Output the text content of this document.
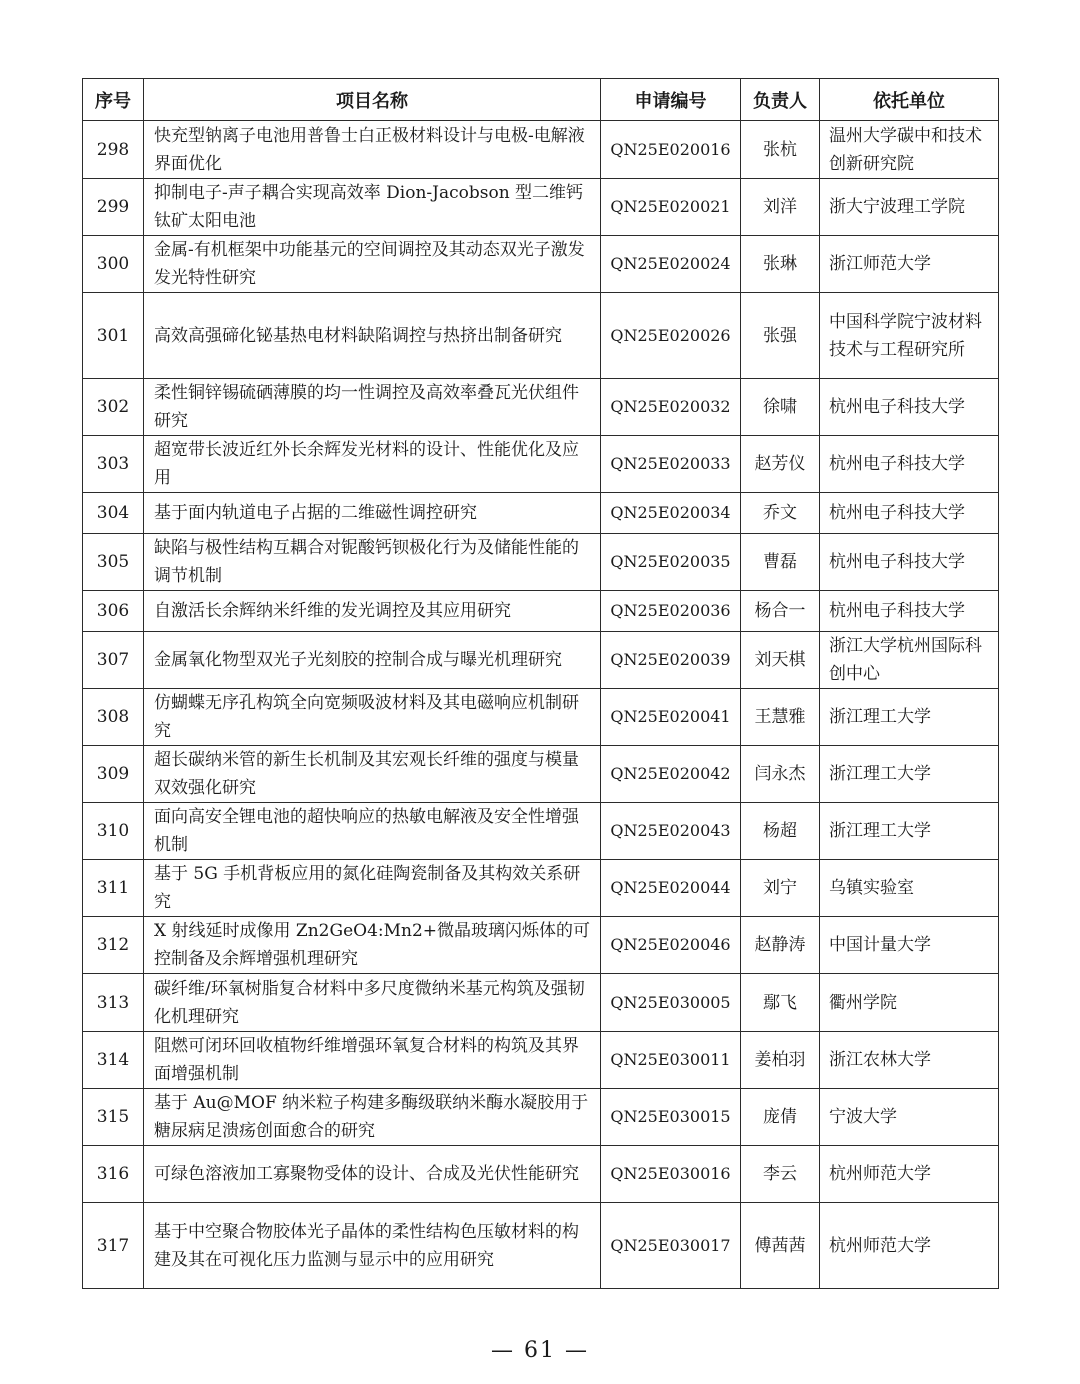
序号	项目名称	申请编号	负责人	依托单位
298	快充型钠离子电池用普鲁士白正极材料设计与电极-电解液界面优化	QN25E020016	张杭	温州大学碳中和技术创新研究院
299	抑制电子-声子耦合实现高效率 Dion-Jacobson 型二维钙钛矿太阳电池	QN25E020021	刘洋	浙大宁波理工学院
300	金属-有机框架中功能基元的空间调控及其动态双光子激发发光特性研究	QN25E020024	张琳	浙江师范大学
301	高效高强碲化铋基热电材料缺陷调控与热挤出制备研究	QN25E020026	张强	中国科学院宁波材料技术与工程研究所
302	柔性铜锌锡硫硒薄膜的均一性调控及高效率叠瓦光伏组件研究	QN25E020032	徐啸	杭州电子科技大学
303	超宽带长波近红外长余辉发光材料的设计、性能优化及应用	QN25E020033	赵芳仪	杭州电子科技大学
304	基于面内轨道电子占据的二维磁性调控研究	QN25E020034	乔文	杭州电子科技大学
305	缺陷与极性结构互耦合对铌酸钙钡极化行为及储能性能的调节机制	QN25E020035	曹磊	杭州电子科技大学
306	自激活长余辉纳米纤维的发光调控及其应用研究	QN25E020036	杨合一	杭州电子科技大学
307	金属氧化物型双光子光刻胶的控制合成与曝光机理研究	QN25E020039	刘天棋	浙江大学杭州国际科创中心
308	仿蝴蝶无序孔构筑全向宽频吸波材料及其电磁响应机制研究	QN25E020041	王慧雅	浙江理工大学
309	超长碳纳米管的新生长机制及其宏观长纤维的强度与模量双效强化研究	QN25E020042	闫永杰	浙江理工大学
310	面向高安全锂电池的超快响应的热敏电解液及安全性增强机制	QN25E020043	杨超	浙江理工大学
311	基于 5G 手机背板应用的氮化硅陶瓷制备及其构效关系研究	QN25E020044	刘宁	乌镇实验室
312	X 射线延时成像用 Zn2GeO4:Mn2+微晶玻璃闪烁体的可控制备及余辉增强机理研究	QN25E020046	赵静涛	中国计量大学
313	碳纤维/环氧树脂复合材料中多尺度微纳米基元构筑及强韧化机理研究	QN25E030005	鄢飞	衢州学院
314	阻燃可闭环回收植物纤维增强环氧复合材料的构筑及其界面增强机制	QN25E030011	姜柏羽	浙江农林大学
315	基于 Au@MOF 纳米粒子构建多酶级联纳米酶水凝胶用于糖尿病足溃疡创面愈合的研究	QN25E030015	庞倩	宁波大学
316	可绿色溶液加工寡聚物受体的设计、合成及光伏性能研究	QN25E030016	李云	杭州师范大学
317	基于中空聚合物胶体光子晶体的柔性结构色压敏材料的构建及其在可视化压力监测与显示中的应用研究	QN25E030017	傅茜茜	杭州师范大学
— 61 —
